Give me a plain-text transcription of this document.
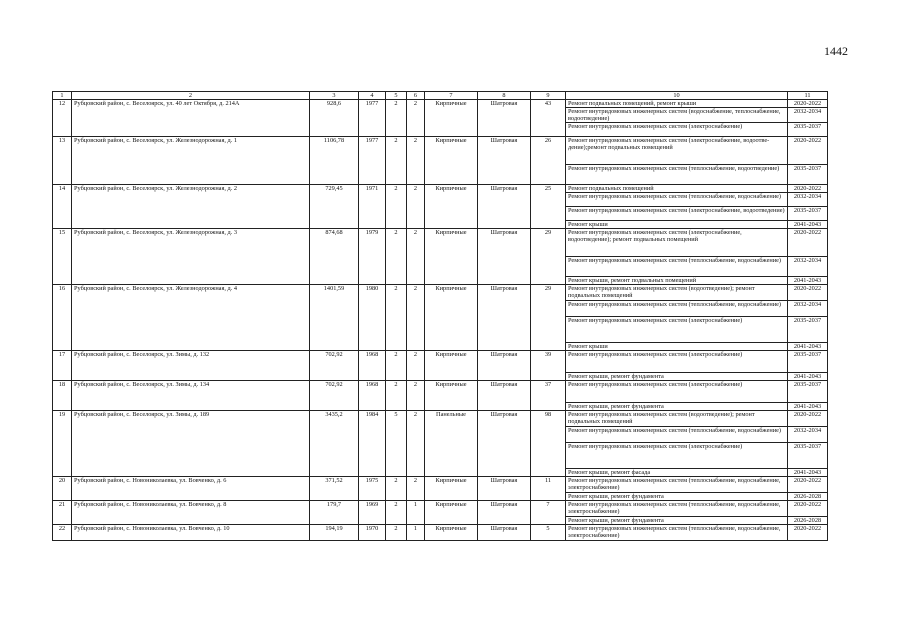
1442
1	2	3	4	5	6	7	8	9	10	11
12	Рубцовский район, с. Веселоярск, ул. 40 лет Октября, д. 214А	928,6	1977	2	2	Кирпичные	Шатровая	43	Ремонт подвальных помещений, ремонт крыши	2020-2022
									Ремонт внутридомовых инженерных систем (водоснабжение, теплоснабжение, водоотведение)	2032-2034
									Ремонт внутридомовых инженерных систем (электроснабжение)	2035-2037
13	Рубцовский район, с. Веселоярск, ул. Железнодорожная, д. 1	1106,78	1977	2	2	Кирпичные	Шатровая	26	Ремонт внутридомовых инженерных систем (электроснабжение, водоотве-дение);ремонт подвальных помещений	2020-2022
									Ремонт внутридомовых инженерных систем (теплоснабжение, водоотведение)	2035-2037
14	Рубцовский район, с. Веселоярск, ул. Железнодорожная, д. 2	729,45	1971	2	2	Кирпичные	Шатровая	25	Ремонт подвальных помещений	2020-2022
									Ремонт внутридомовых инженерных систем (теплоснабжение, водоснабжение)	2032-2034
									Ремонт внутридомовых инженерных систем (электроснабжение, водоотведение)	2035-2037
									Ремонт крыши	2041-2043
15	Рубцовский район, с. Веселоярск, ул. Железнодорожная, д. 3	874,68	1979	2	2	Кирпичные	Шатровая	29	Ремонт внутридомовых инженерных систем (электроснабжение, водоотведение); ремонт подвальных помещений	2020-2022
									Ремонт внутридомовых инженерных систем (теплоснабжение, водоснабжение)	2032-2034
									Ремонт крыши, ремонт подвальных помещений	2041-2043
16	Рубцовский район, с. Веселоярск, ул. Железнодорожная, д. 4	1401,59	1980	2	2	Кирпичные	Шатровая	29	Ремонт внутридомовых инженерных систем (водоотведение); ремонт подвальных помещений	2020-2022
									Ремонт внутридомовых инженерных систем (теплоснабжение, водоснабжение)	2032-2034
									Ремонт внутридомовых инженерных систем (электроснабжение)	2035-2037
									Ремонт крыши	2041-2043
17	Рубцовский район, с. Веселоярск, ул. Зимы, д. 132	702,92	1968	2	2	Кирпичные	Шатровая	39	Ремонт внутридомовых инженерных систем (электроснабжение)	2035-2037
									Ремонт крыши, ремонт фундамента	2041-2043
18	Рубцовский район, с. Веселоярск, ул. Зимы, д. 134	702,92	1968	2	2	Кирпичные	Шатровая	37	Ремонт внутридомовых инженерных систем (электроснабжение)	2035-2037
									Ремонт крыши, ремонт фундамента	2041-2043
19	Рубцовский район, с. Веселоярск, ул. Зимы, д. 189	3435,2	1984	5	2	Панельные	Шатровая	98	Ремонт внутридомовых инженерных систем (водоотведение); ремонт подвальных помещений	2020-2022
									Ремонт внутридомовых инженерных систем (теплоснабжение, водоснабжение)	2032-2034
									Ремонт внутридомовых инженерных систем (электроснабжение)	2035-2037
									Ремонт крыши, ремонт фасада	2041-2043
20	Рубцовский район, с. Новониколаевка, ул. Вовченко, д. 6	371,52	1975	2	2	Кирпичные	Шатровая	11	Ремонт внутридомовых инженерных систем (теплоснабжение, водоснабжение, электроснабжение)	2020-2022
									Ремонт крыши, ремонт фундамента	2026-2028
21	Рубцовский район, с. Новониколаевка, ул. Вовченко, д. 8	179,7	1969	2	1	Кирпичные	Шатровая	7	Ремонт внутридомовых инженерных систем (теплоснабжение, водоснабжение, электроснабжение)	2020-2022
									Ремонт крыши, ремонт фундамента	2026-2028
22	Рубцовский район, с. Новониколаевка, ул. Вовченко, д. 10	194,19	1970	2	1	Кирпичные	Шатровая	5	Ремонт внутридомовых инженерных систем (теплоснабжение, водоснабжение, электроснабжение)	2020-2022
